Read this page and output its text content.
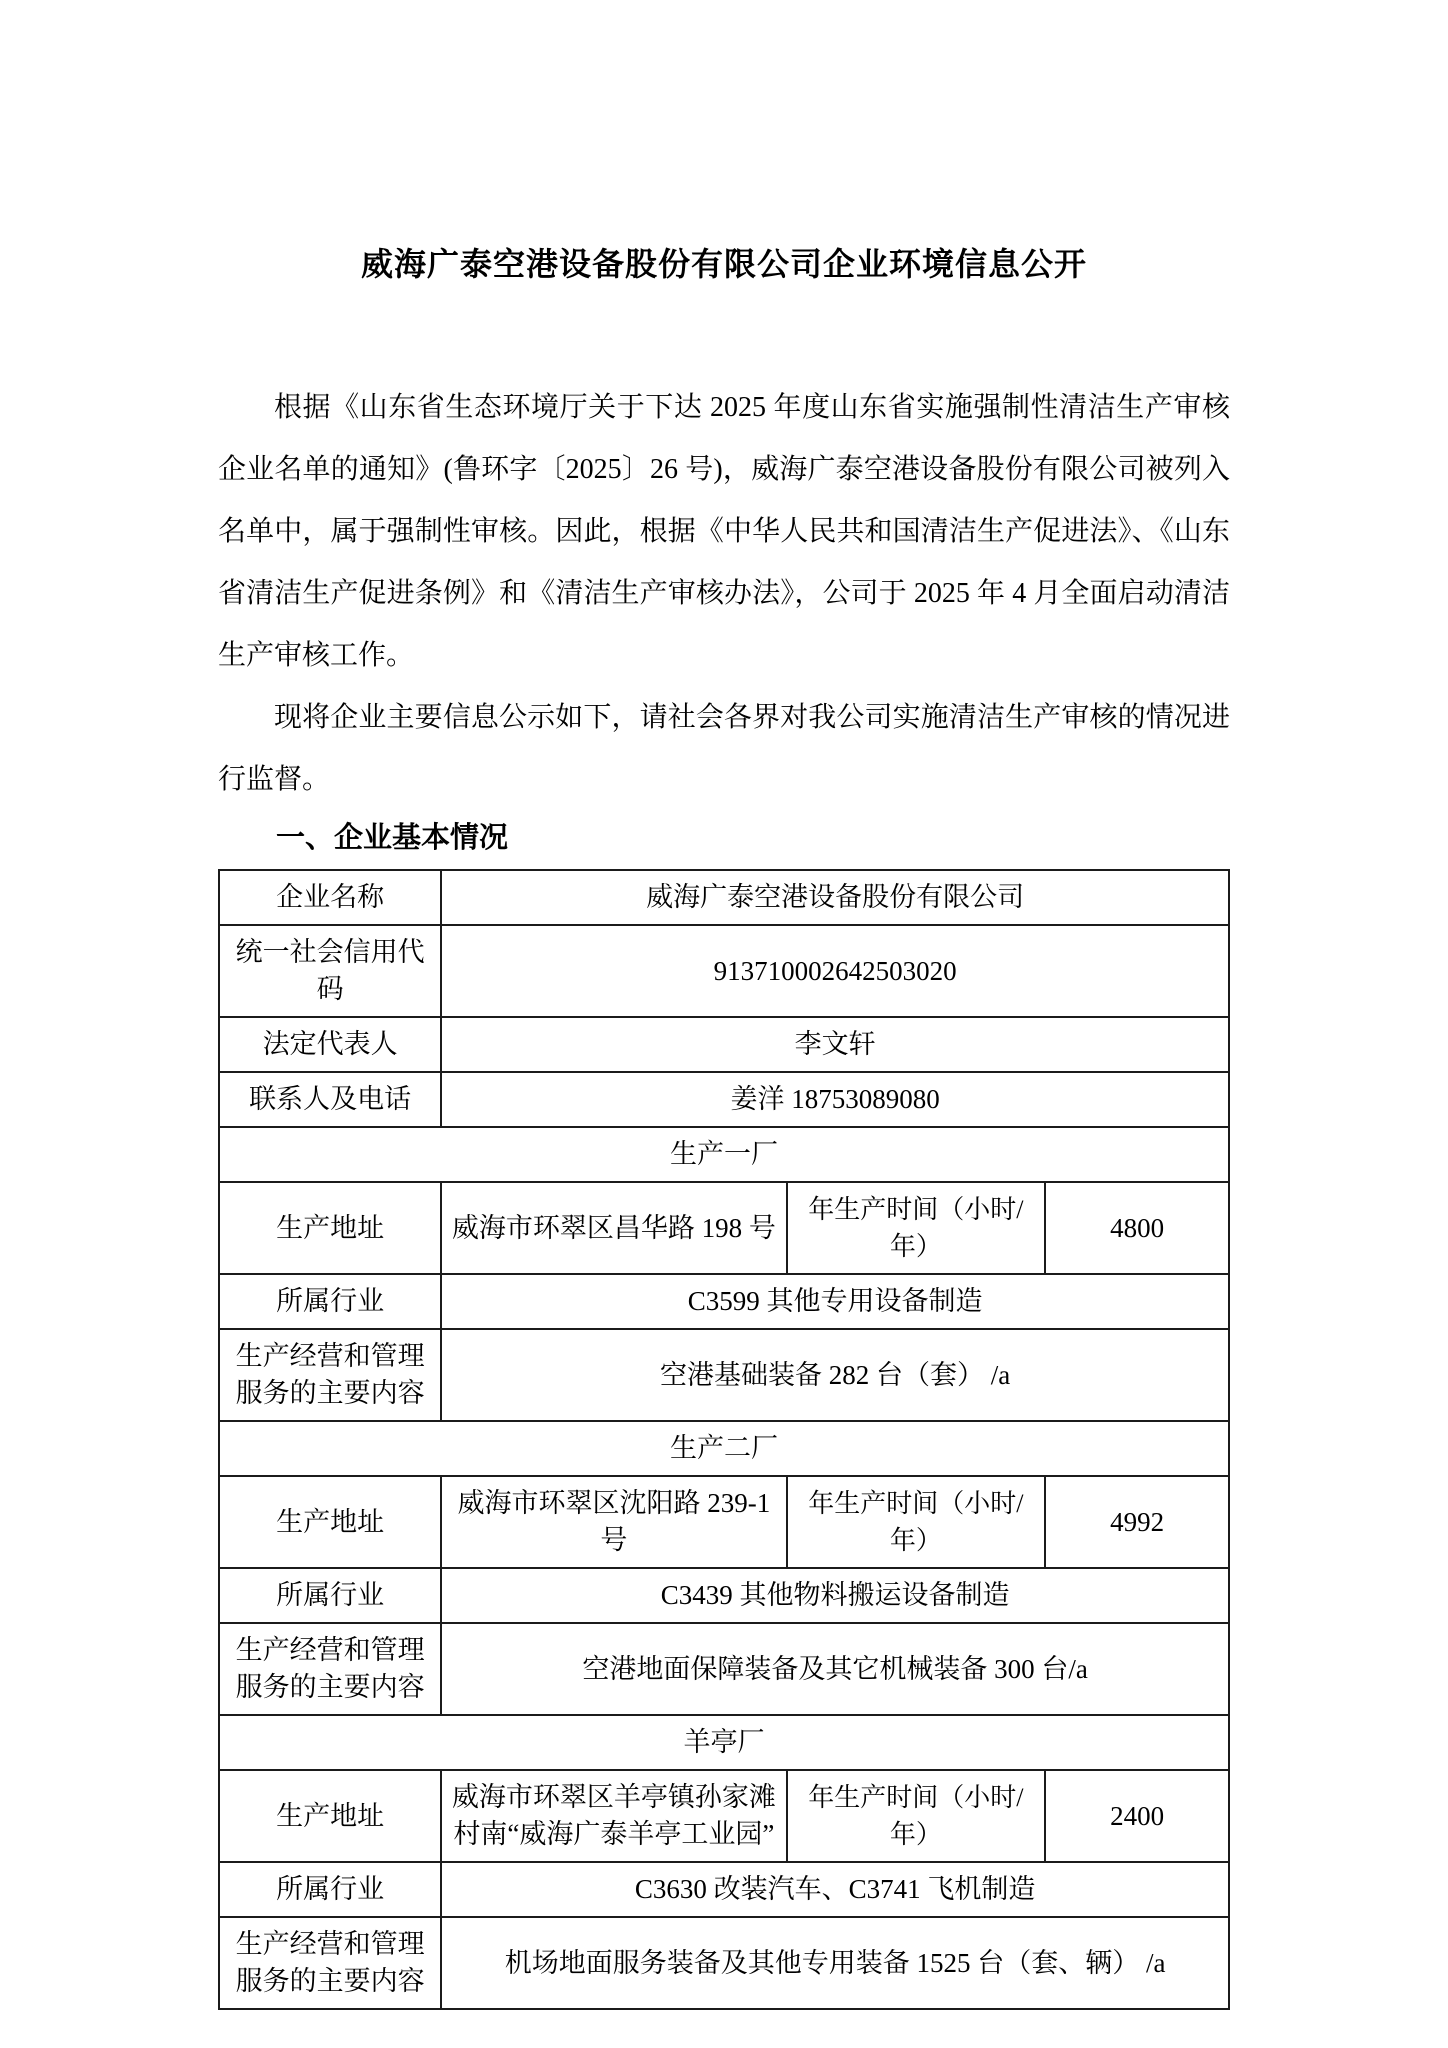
威海广泰空港设备股份有限公司企业环境信息公开

根据《山东省生态环境厅关于下达 2025 年度山东省实施强制性清洁生产审核企业名单的通知》(鲁环字〔2025〕26 号)，威海广泰空港设备股份有限公司被列入名单中，属于强制性审核。因此，根据《中华人民共和国清洁生产促进法》、《山东省清洁生产促进条例》和《清洁生产审核办法》，公司于 2025 年 4 月全面启动清洁生产审核工作。

现将企业主要信息公示如下，请社会各界对我公司实施清洁生产审核的情况进行监督。

一、企业基本情况
企业名称	威海广泰空港设备股份有限公司		
统一社会信用代码	913710002642503020		
法定代表人	李文轩		
联系人及电话	姜洋 18753089080		
生产一厂			
生产地址	威海市环翠区昌华路 198 号	年生产时间（小时/年）	4800
所属行业	C3599 其他专用设备制造		
生产经营和管理服务的主要内容	空港基础装备 282 台（套） /a		
生产二厂			
生产地址	威海市环翠区沈阳路 239-1 号	年生产时间（小时/年）	4992
所属行业	C3439 其他物料搬运设备制造		
生产经营和管理服务的主要内容	空港地面保障装备及其它机械装备 300 台/a		
羊亭厂			
生产地址	威海市环翠区羊亭镇孙家滩村南“威海广泰羊亭工业园”	年生产时间（小时/年）	2400
所属行业	C3630 改装汽车、C3741 飞机制造		
生产经营和管理服务的主要内容	机场地面服务装备及其他专用装备 1525 台（套、辆） /a		
